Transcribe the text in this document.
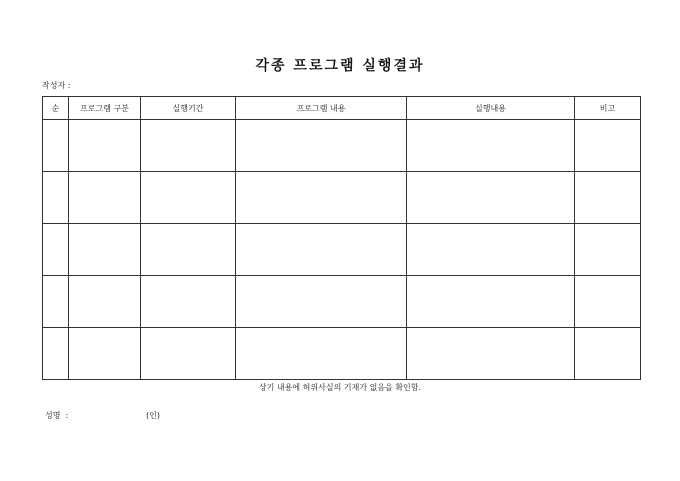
각종 프로그램 실행결과
작성자 :
순	프로그램 구분	실행기간	프로그램 내용	실행내용	비고

상기 내용에 허위사실의 기재가 없음을 확인함.
성명  :	(인)
